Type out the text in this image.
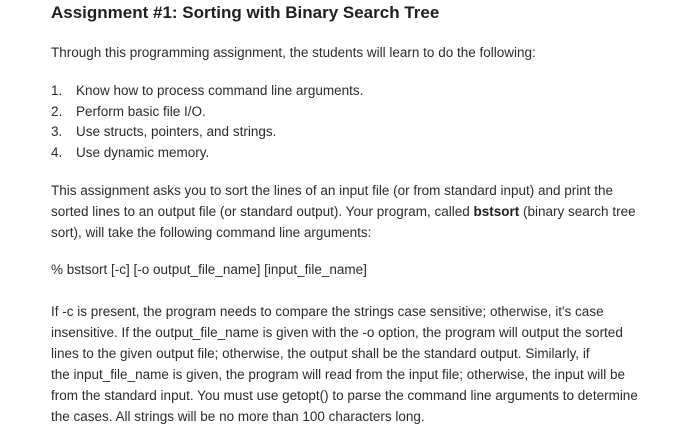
Assignment #1: Sorting with Binary Search Tree

Through this programming assignment, the students will learn to do the following:

1. Know how to process command line arguments.
2. Perform basic file I/O.
3. Use structs, pointers, and strings.
4. Use dynamic memory.

This assignment asks you to sort the lines of an input file (or from standard input) and print the
sorted lines to an output file (or standard output). Your program, called bstsort (binary search tree
sort), will take the following command line arguments:

% bstsort [-c] [-o output_file_name] [input_file_name]

If -c is present, the program needs to compare the strings case sensitive; otherwise, it's case
insensitive. If the output_file_name is given with the -o option, the program will output the sorted
lines to the given output file; otherwise, the output shall be the standard output. Similarly, if
the input_file_name is given, the program will read from the input file; otherwise, the input will be
from the standard input. You must use getopt() to parse the command line arguments to determine
the cases. All strings will be no more than 100 characters long.
